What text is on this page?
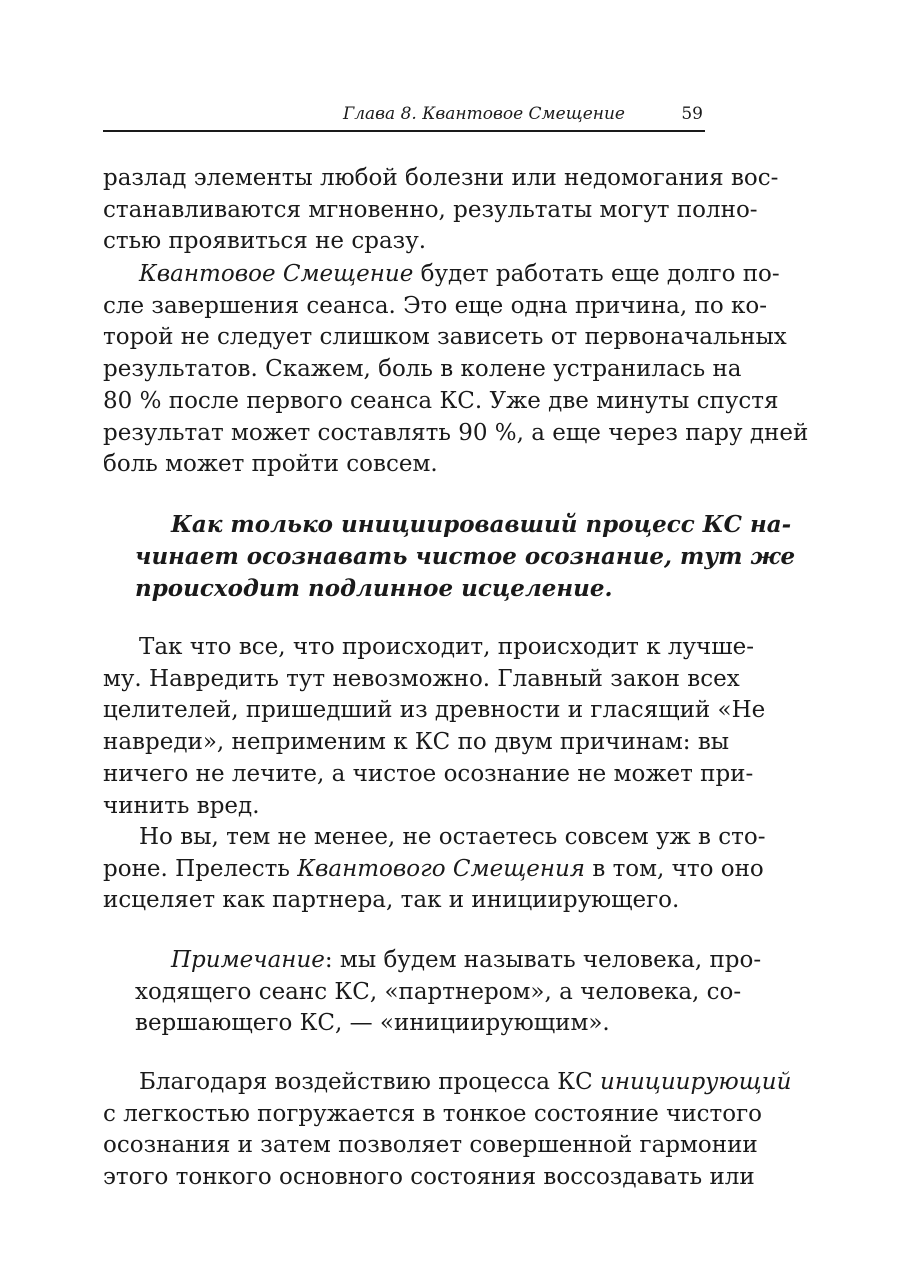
Глава 8. Квантовое Смещение	59
разлад элементы любой болезни или недомогания вос-
станавливаются мгновенно, результаты могут полно-
стью проявиться не сразу.
Квантовое Смещение будет работать еще долго по-
сле завершения сеанса. Это еще одна причина, по ко-
торой не следует слишком зависеть от первоначальных
результатов. Скажем, боль в колене устранилась на
80 % после первого сеанса КС. Уже две минуты спустя
результат может составлять 90 %, а еще через пару дней
боль может пройти совсем.
Как только инициировавший процесс КС на-
чинает осознавать чистое осознание, тут же
происходит подлинное исцеление.
Так что все, что происходит, происходит к лучше-
му. Навредить тут невозможно. Главный закон всех
целителей, пришедший из древности и гласящий «Не
навреди», неприменим к КС по двум причинам: вы
ничего не лечите, а чистое осознание не может при-
чинить вред.
Но вы, тем не менее, не остаетесь совсем уж в сто-
роне. Прелесть Квантового Смещения в том, что оно
исцеляет как партнера, так и инициирующего.
Примечание: мы будем называть человека, про-
ходящего сеанс КС, «партнером», а человека, со-
вершающего КС, — «инициирующим».
Благодаря воздействию процесса КС инициирующий
с легкостью погружается в тонкое состояние чистого
осознания и затем позволяет совершенной гармонии
этого тонкого основного состояния воссоздавать или
